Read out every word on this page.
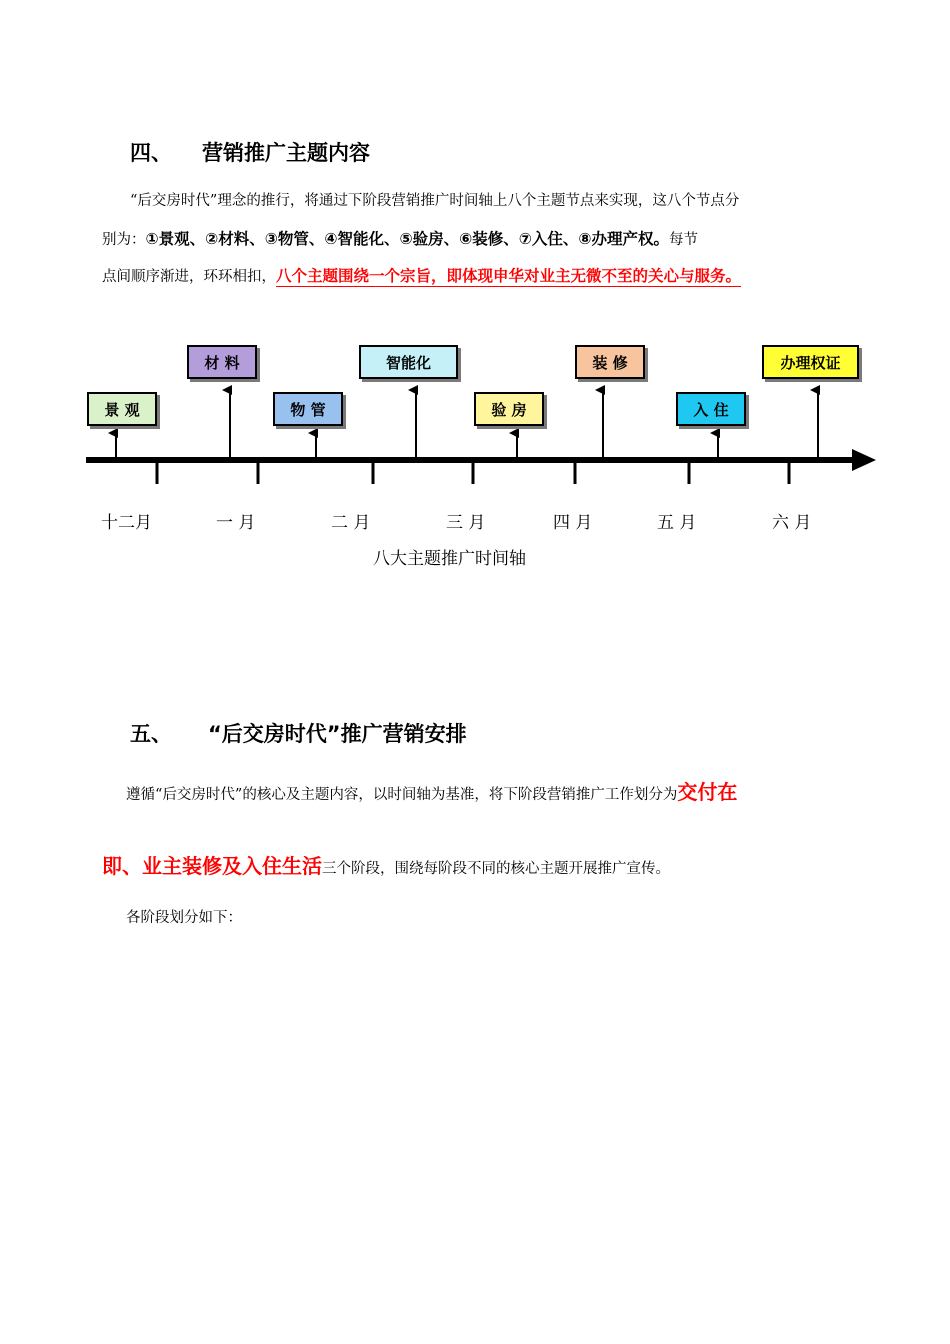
四、 营销推广主题内容
“后交房时代”理念的推行，将通过下阶段营销推广时间轴上八个主题节点来实现，这八个节点分
别为：①景观、②材料、③物管、④智能化、⑤验房、⑥装修、⑦入住、⑧办理产权。每节
点间顺序渐进，环环相扣，八个主题围绕一个宗旨，即体现申华对业主无微不至的关心与服务。
景 观
材 料
物 管
智能化
验 房
装 修
入 住
办理权证
十二月	一 月	二 月	三 月	四 月	五 月	六 月
八大主题推广时间轴
五、 “后交房时代”推广营销安排
遵循“后交房时代”的核心及主题内容，以时间轴为基准，将下阶段营销推广工作划分为交付在
即、业主装修及入住生活三个阶段，围绕每阶段不同的核心主题开展推广宣传。
各阶段划分如下：
